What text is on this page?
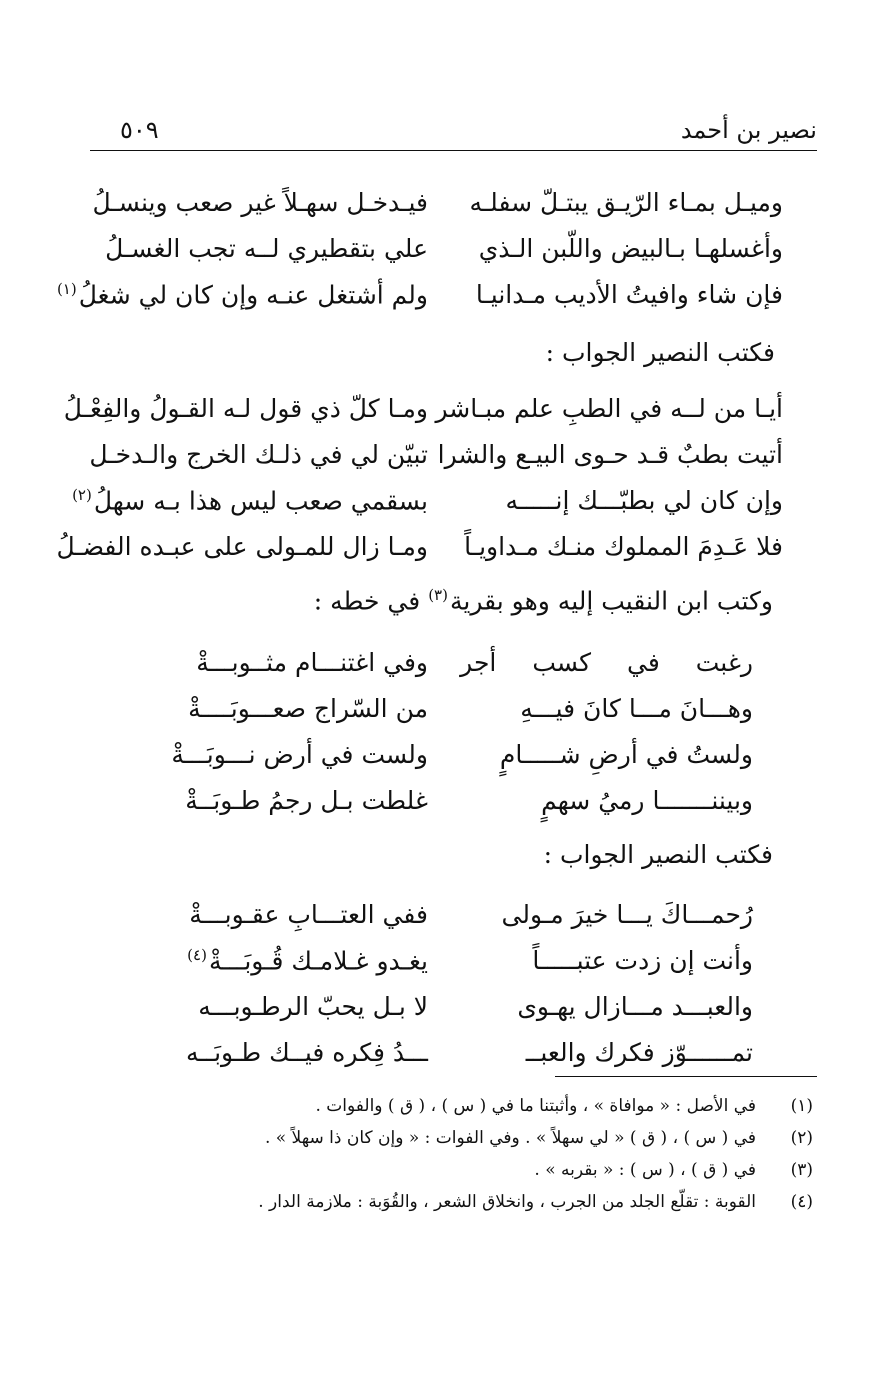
نصير بن أحمد
٥٠٩
وميـل بمـاء الرّيـق يبتـلّ سفلـه
فيـدخـل سهـلاً غير صعب وينسـلُ
وأغسلهـا بـالبيض واللّبن الـذي
علي بتقطيري لــه تجب الغسـلُ
فإن شاء وافيتُ الأديب مـدانيـا
ولم أشتغل عنـه وإن كان لي شغلُ$^{(١)}$
فكتب النصير الجواب :
أيـا من لــه في الطبِ علم مبـاشر
ومـا كلّ ذي قول لـه القـولُ والفِعْـلُ
أتيت بطبٌ قـد حـوى البيـع والشرا
تبيّن لي في ذلـك الخرج والـدخـل
وإن كان لي بطبّـــك إنـــــه
بسقمي صعب ليس هذا بـه سهلُ$^{(٢)}$
فلا عَـدِمَ المملوك منـك مـداويـاً
ومـا زال للمـولى على عبـده الفضـلُ
وكتب ابن النقيب إليه وهو بقرية$^{(٣)}$ في خطه :
رغبت في كسب أجر
وفي اغتنـــام مثــوبـــةْ
وهـــانَ مـــا كانَ فيـــهِ
من السّراج صعـــوبَــــةْ
ولستُ في أرضِ شـــــامٍ
ولست في أرض نـــوبَـــةْ
وبيننـــــــا رميُ سهمٍ
غلطت بـل رجمُ طـوبَــةْ
فكتب النصير الجواب :
رُحمـــاكَ يـــا خيرَ مـولى
ففي العتـــابِ عقـوبـــةْ
وأنت إن زدت عتبـــــاً
يغـدو غـلامـك قُـوبَـــةْ$^{(٤)}$
والعبـــد مـــازال يهـوى
لا بـل يحبّ الرطـوبـــه
تمــــــوّز فكرك والعبــ
ـــدُ فِكره فيــك طـوبَــه
(١)
في الأصل : « موافاة » ، وأثبتنا ما في ( س ) ، ( ق ) والفوات .
(٢)
في ( س ) ، ( ق ) « لي سهلاً » . وفي الفوات : « وإن كان ذا سهلاً » .
(٣)
في ( ق ) ، ( س ) : « بقربه » .
(٤)
القوبة : تقلّع الجلد من الجرب ، وانخلاق الشعر ، والقُوَبة : ملازمة الدار .
